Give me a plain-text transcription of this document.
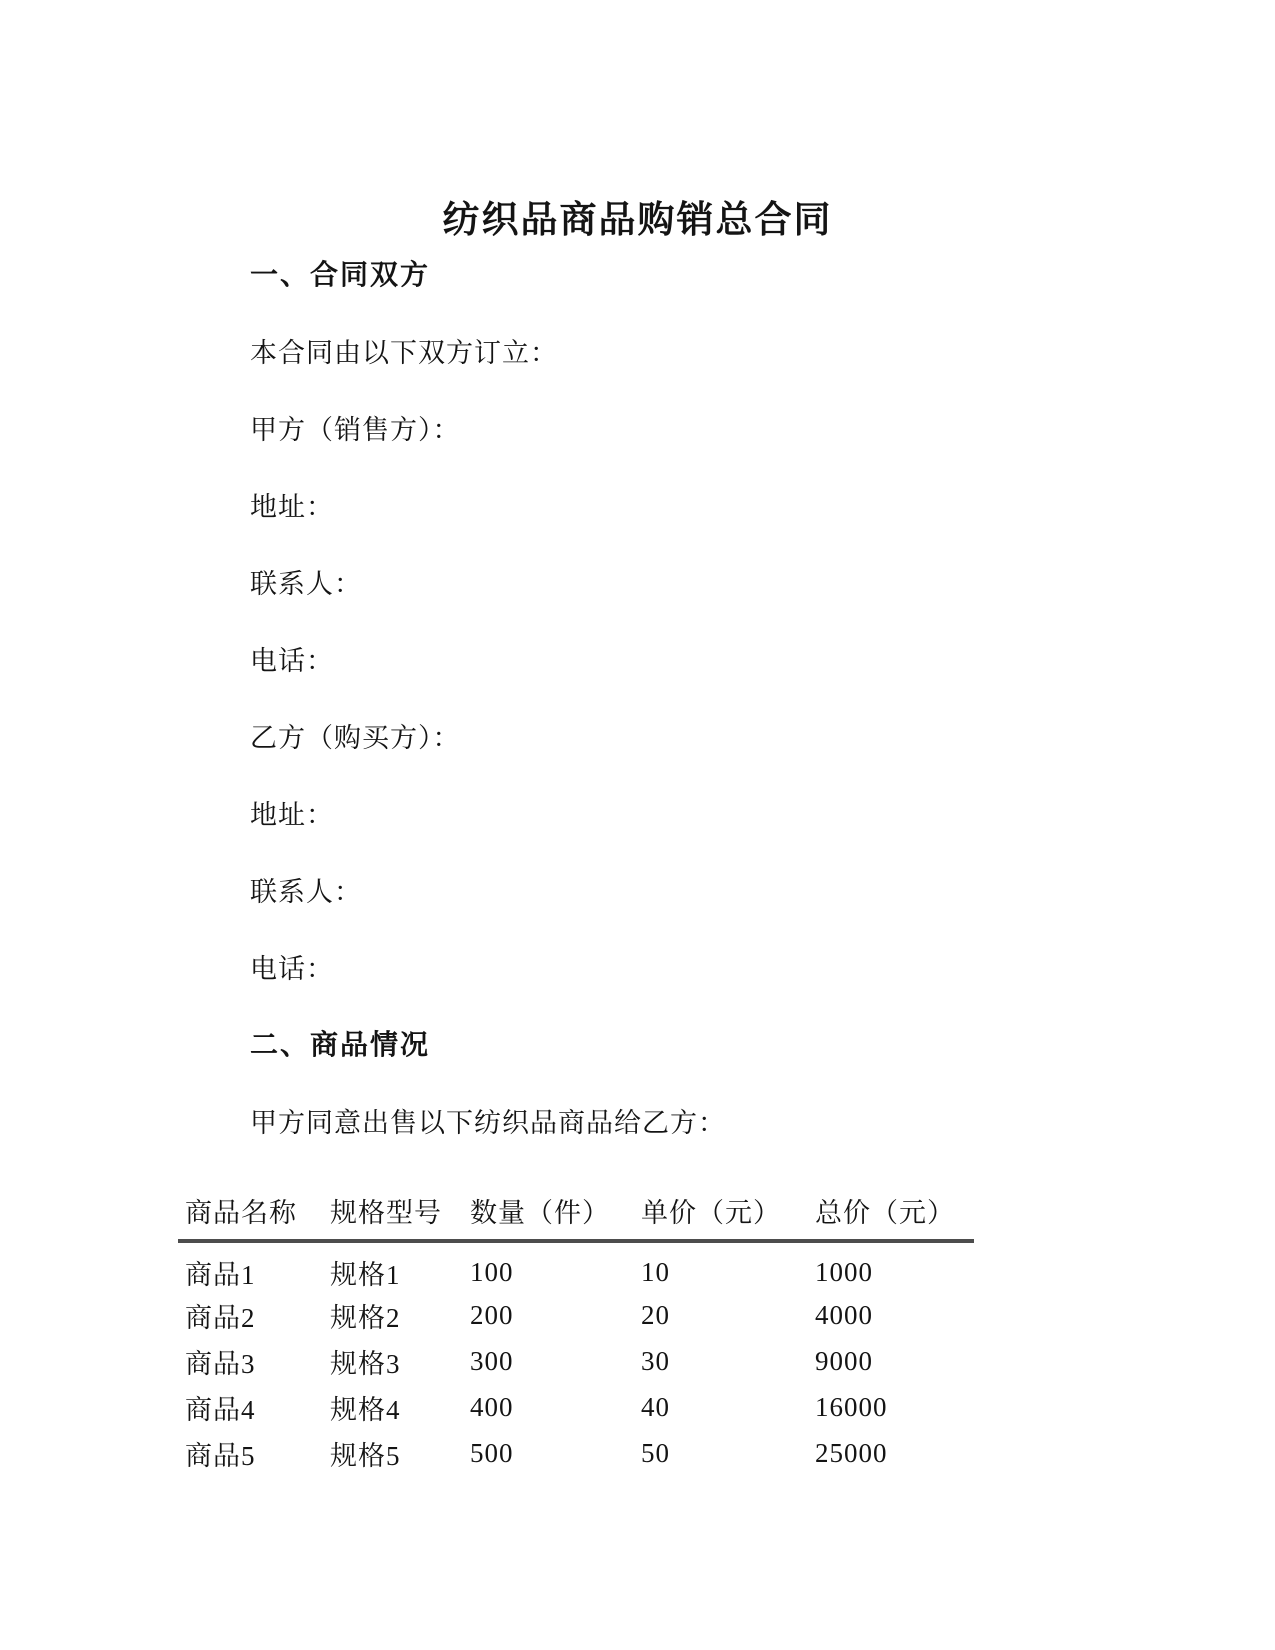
纺织品商品购销总合同
一、合同双方

本合同由以下双方订立：

甲方（销售方）：

地址：

联系人：

电话：

乙方（购买方）：

地址：

联系人：

电话：

二、商品情况

甲方同意出售以下纺织品商品给乙方：

商品名称	规格型号	数量（件）	单价（元）	总价（元）
商品1	规格1	100	10	1000
商品2	规格2	200	20	4000
商品3	规格3	300	30	9000
商品4	规格4	400	40	16000
商品5	规格5	500	50	25000
